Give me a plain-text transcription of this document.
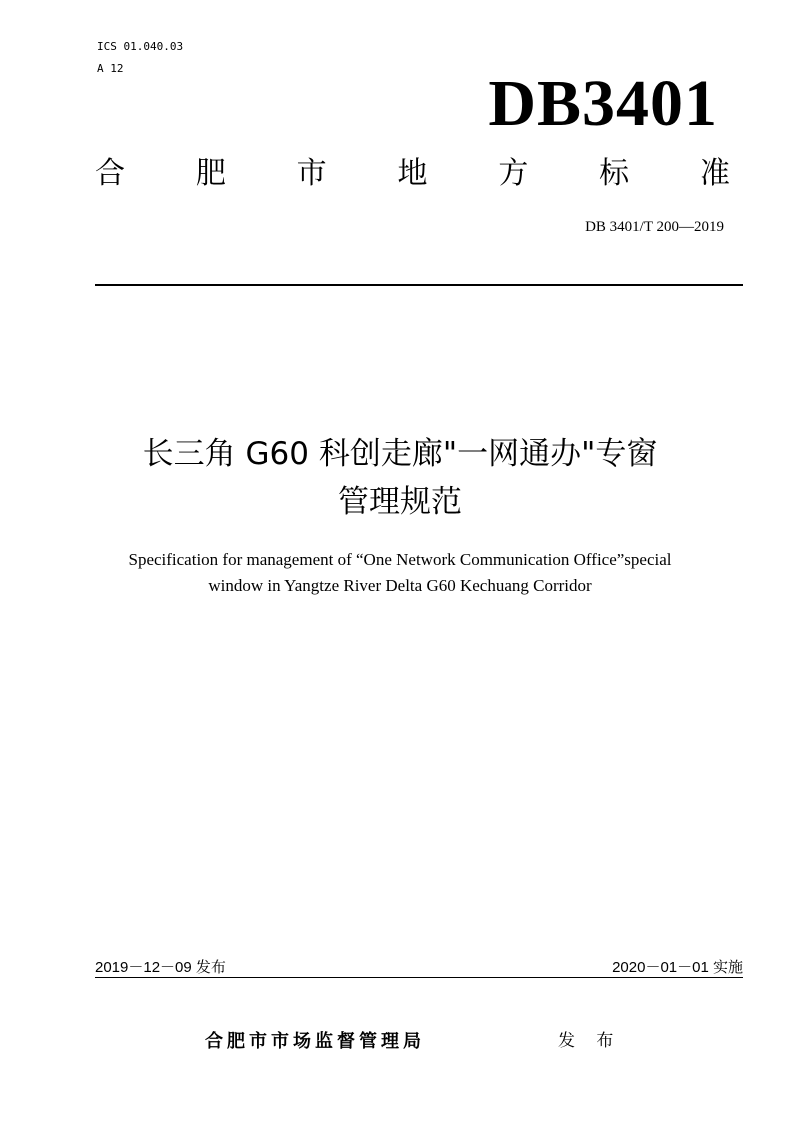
ICS 01.040.03
A 12	DB3401
合 肥 市 地 方 标 准
DB 3401/T 200—2019
长三角 G60 科创走廊"一网通办"专窗
管理规范
Specification for management of “One Network Communication Office”special
window in Yangtze River Delta G60 Kechuang Corridor
2019－12－09 发布	2020－01－01 实施
合肥市市场监督管理局	发 布
